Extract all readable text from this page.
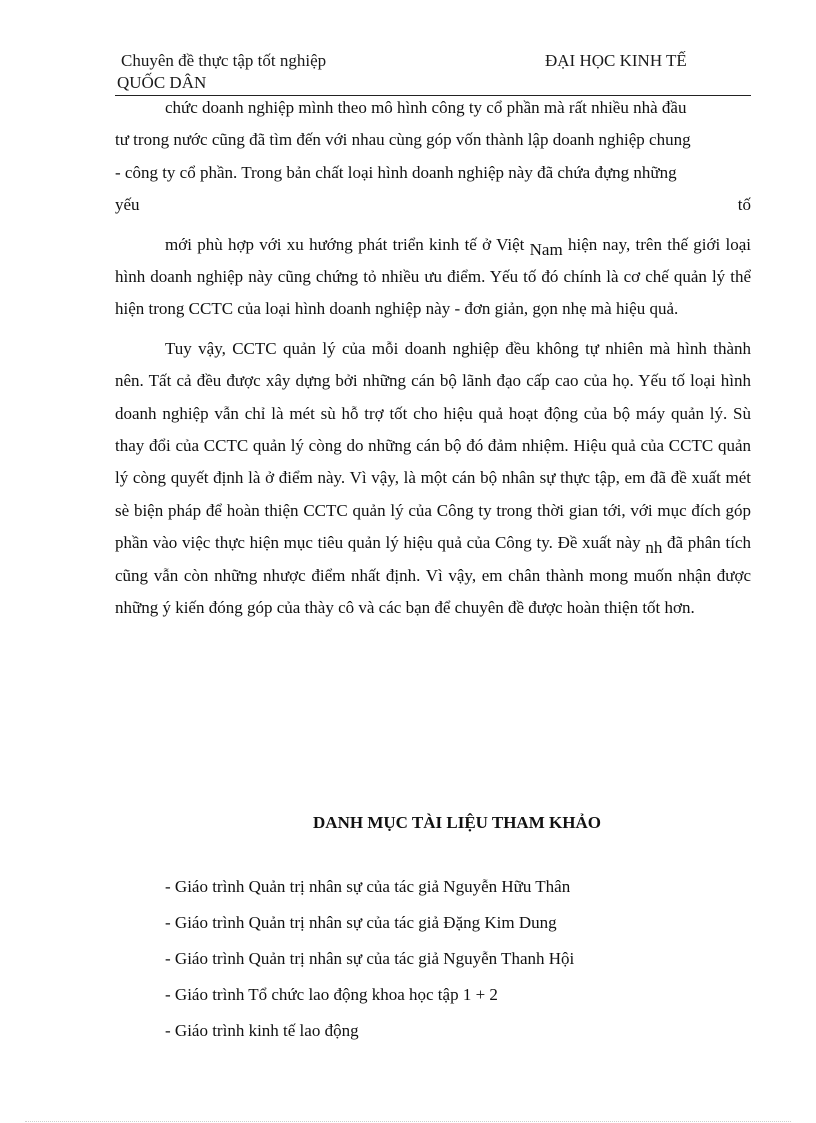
Chuyên đề thực tập tốt nghiệp	ĐẠI HỌC KINH TẾ
QUỐC DÂN

chức doanh nghiệp mình theo mô hình công ty cổ phần mà rất nhiều nhà đầu

tư trong nước cũng đã tìm đến với nhau cùng góp vốn thành lập doanh nghiệp chung

- công ty cổ phần. Trong bản chất loại hình doanh nghiệp này đã chứa đựng những

yếu	tố

mới phù hợp với xu hướng phát triển kinh tế ở Việt Nam hiện nay, trên thế giới loại hình doanh nghiệp này cũng chứng tỏ nhiều ưu điểm. Yếu tố đó chính là cơ chế quản lý thể hiện trong CCTC của loại hình doanh nghiệp này - đơn giản, gọn nhẹ mà hiệu quả.

Tuy vậy, CCTC quản lý của mỗi doanh nghiệp đều không tự nhiên mà hình thành nên. Tất cả đều được xây dựng bởi những cán bộ lãnh đạo cấp cao của họ. Yếu tố loại hình doanh nghiệp vẫn chỉ là mét sù hỗ trợ tốt cho hiệu quả hoạt động của bộ máy quản lý. Sù thay đổi của CCTC quản lý còng do những cán bộ đó đảm nhiệm. Hiệu quả của CCTC quản lý còng quyết định là ở điểm này. Vì vậy, là một cán bộ nhân sự thực tập, em đã đề xuất mét sè biện pháp để hoàn thiện CCTC quản lý của Công ty trong thời gian tới, với mục đích góp phần vào việc thực hiện mục tiêu quản lý hiệu quả của Công ty. Đề xuất này nh đã phân tích cũng vẫn còn những nhược điểm nhất định. Vì vậy, em chân thành mong muốn nhận được những ý kiến đóng góp của thày cô và các bạn để chuyên đề được hoàn thiện tốt hơn.

DANH MỤC TÀI LIỆU THAM KHẢO
- Giáo trình Quản trị nhân sự của tác giả Nguyễn Hữu Thân
- Giáo trình Quản trị nhân sự của tác giả Đặng Kim Dung
- Giáo trình Quản trị nhân sự của tác giả Nguyễn Thanh Hội
- Giáo trình Tổ chức lao động khoa học tập 1 + 2
- Giáo trình kinh tế lao động
